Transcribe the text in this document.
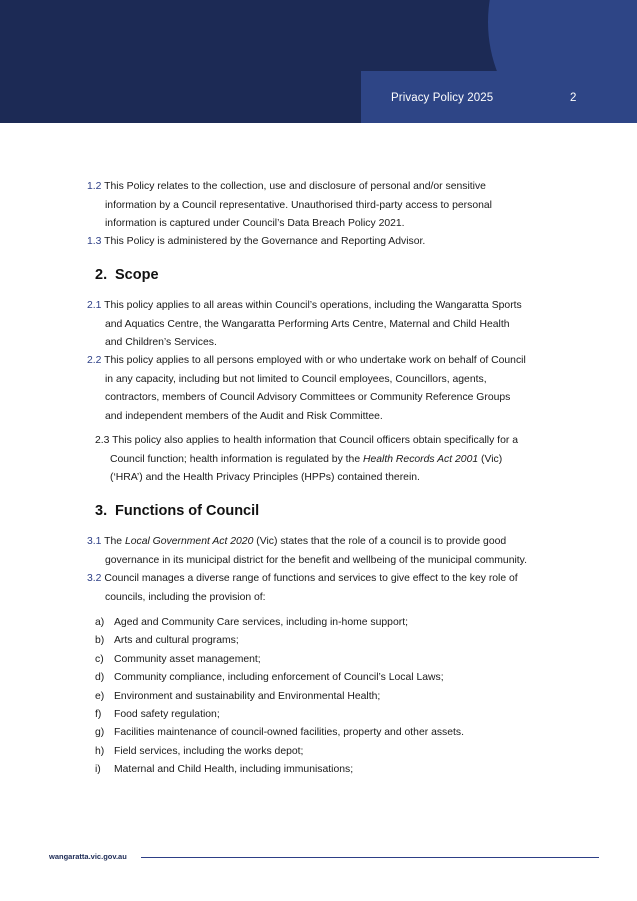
Privacy Policy 2025	2
1.2 This Policy relates to the collection, use and disclosure of personal and/or sensitive
information by a Council representative. Unauthorised third-party access to personal
information is captured under Council’s Data Breach Policy 2021.
1.3 This Policy is administered by the Governance and Reporting Advisor.
2. Scope
2.1 This policy applies to all areas within Council’s operations, including the Wangaratta Sports
and Aquatics Centre, the Wangaratta Performing Arts Centre, Maternal and Child Health
and Children’s Services.
2.2 This policy applies to all persons employed with or who undertake work on behalf of Council
in any capacity, including but not limited to Council employees, Councillors, agents,
contractors, members of Council Advisory Committees or Community Reference Groups
and independent members of the Audit and Risk Committee.
2.3 This policy also applies to health information that Council officers obtain specifically for a
Council function; health information is regulated by the Health Records Act 2001 (Vic)
(‘HRA’) and the Health Privacy Principles (HPPs) contained therein.
3. Functions of Council
3.1 The Local Government Act 2020 (Vic) states that the role of a council is to provide good
governance in its municipal district for the benefit and wellbeing of the municipal community.
3.2 Council manages a diverse range of functions and services to give effect to the key role of
councils, including the provision of:
a) Aged and Community Care services, including in-home support;
b) Arts and cultural programs;
c) Community asset management;
d) Community compliance, including enforcement of Council’s Local Laws;
e) Environment and sustainability and Environmental Health;
f) Food safety regulation;
g) Facilities maintenance of council-owned facilities, property and other assets.
h) Field services, including the works depot;
i) Maternal and Child Health, including immunisations;
wangaratta.vic.gov.au
